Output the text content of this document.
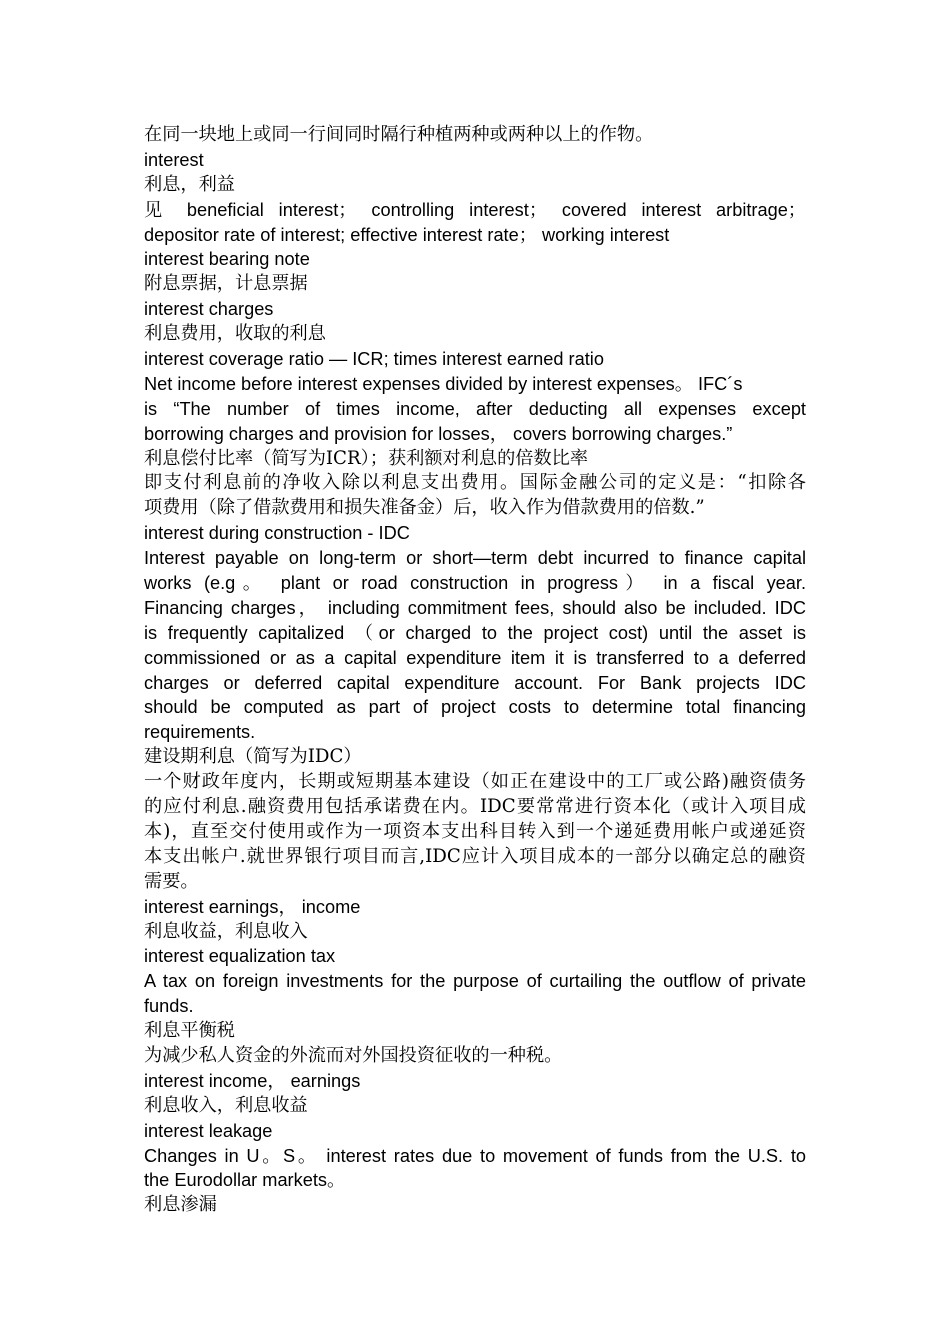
在同一块地上或同一行间同时隔行种植两种或两种以上的作物。
interest
利息，利益
见 beneficial interest； controlling interest； covered interest arbitrage；
depositor rate of interest; effective interest rate； working interest
interest bearing note
附息票据，计息票据
interest charges
利息费用，收取的利息
interest coverage ratio — ICR; times interest earned ratio
Net income before interest expenses divided by interest expenses。 IFC´s
is “The number of times income, after deducting all expenses except
borrowing charges and provision for losses， covers borrowing charges.”
利息偿付比率（简写为ICR）；获利额对利息的倍数比率
即支付利息前的净收入除以利息支出费用。国际金融公司的定义是：“扣除各
项费用（除了借款费用和损失准备金）后，收入作为借款费用的倍数.”
interest during construction - IDC
Interest payable on long-term or short—term debt incurred to finance capital
works (e.g。 plant or road construction in progress） in a fiscal year.
Financing charges， including commitment fees, should also be included. IDC
is frequently capitalized （or charged to the project cost) until the asset is
commissioned or as a capital expenditure item it is transferred to a deferred
charges or deferred capital expenditure account. For Bank projects IDC
should be computed as part of project costs to determine total financing
requirements.
建设期利息（简写为IDC）
一个财政年度内，长期或短期基本建设（如正在建设中的工厂或公路)融资债务
的应付利息.融资费用包括承诺费在内。IDC要常常进行资本化（或计入项目成
本)，直至交付使用或作为一项资本支出科目转入到一个递延费用帐户或递延资
本支出帐户.就世界银行项目而言,IDC应计入项目成本的一部分以确定总的融资
需要。
interest earnings， income
利息收益，利息收入
interest equalization tax
A tax on foreign investments for the purpose of curtailing the outflow of private
funds.
利息平衡税
为减少私人资金的外流而对外国投资征收的一种税。
interest income， earnings
利息收入，利息收益
interest leakage
Changes in U。S。 interest rates due to movement of funds from the U.S. to
the Eurodollar markets。
利息渗漏
